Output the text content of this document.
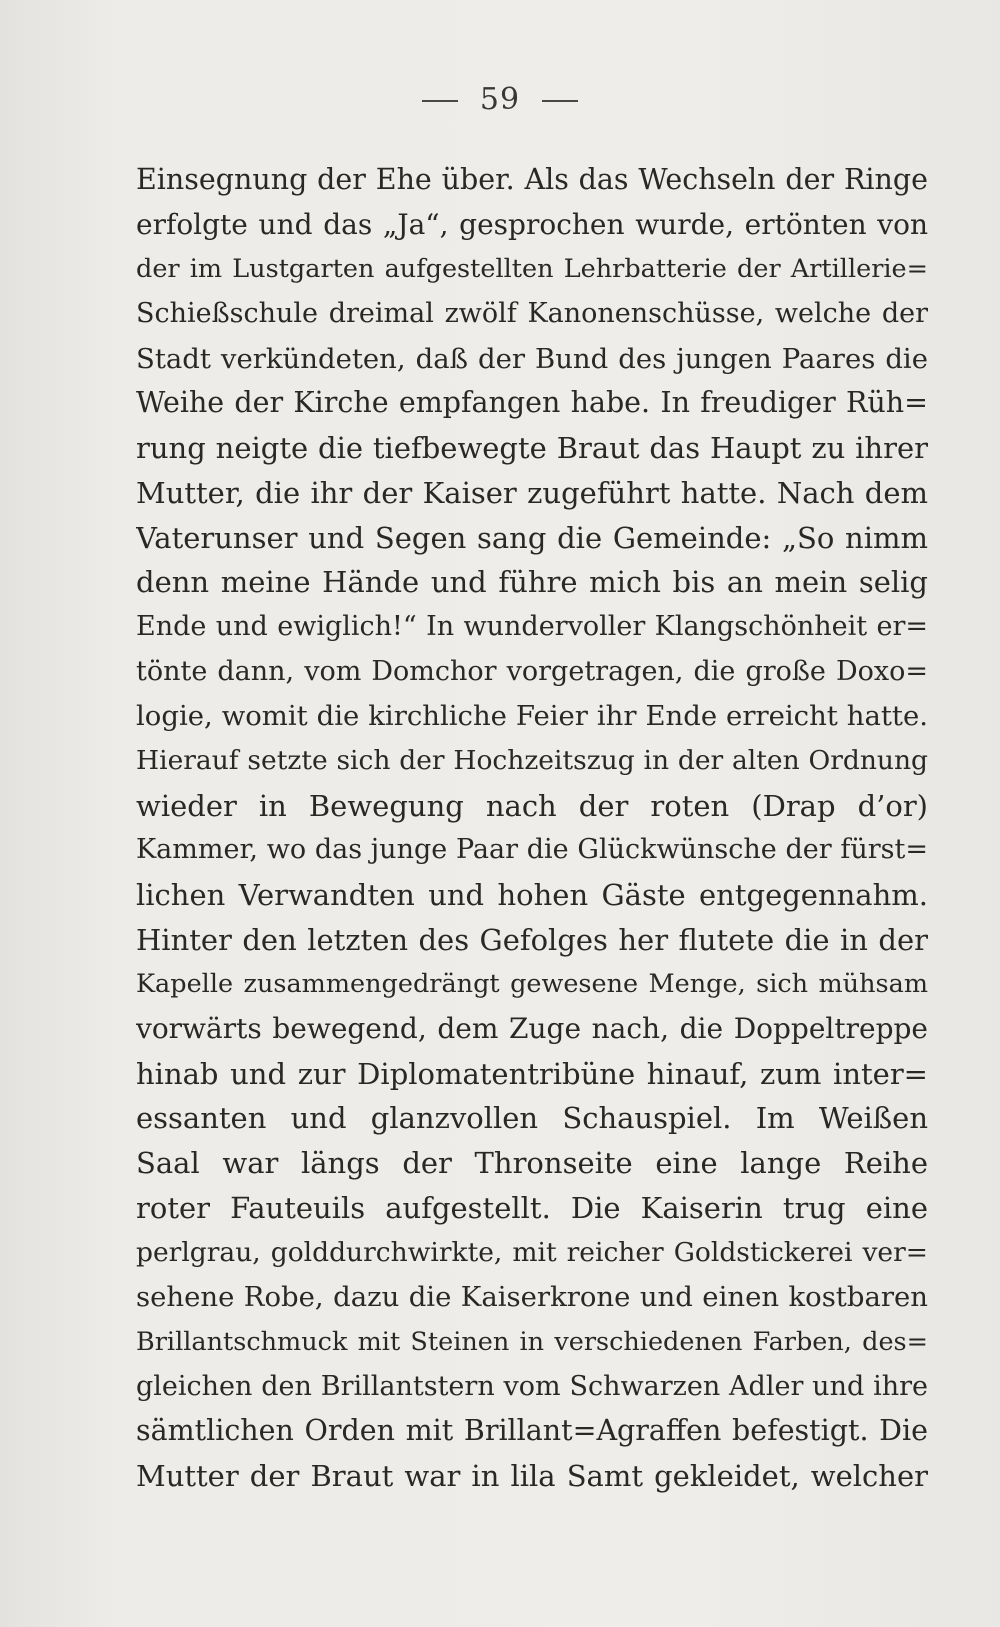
59
Einsegnung der Ehe über. Als das Wechseln der Ringe
erfolgte und das „Ja“, gesprochen wurde, ertönten von
der im Lustgarten aufgestellten Lehrbatterie der Artillerie=
Schießschule dreimal zwölf Kanonenschüsse, welche der
Stadt verkündeten, daß der Bund des jungen Paares die
Weihe der Kirche empfangen habe. In freudiger Rüh=
rung neigte die tiefbewegte Braut das Haupt zu ihrer
Mutter, die ihr der Kaiser zugeführt hatte. Nach dem
Vaterunser und Segen sang die Gemeinde: „So nimm
denn meine Hände und führe mich bis an mein selig
Ende und ewiglich!“ In wundervoller Klangschönheit er=
tönte dann, vom Domchor vorgetragen, die große Doxo=
logie, womit die kirchliche Feier ihr Ende erreicht hatte.
Hierauf setzte sich der Hochzeitszug in der alten Ordnung
wieder in Bewegung nach der roten (Drap d’or)
Kammer, wo das junge Paar die Glückwünsche der fürst=
lichen Verwandten und hohen Gäste entgegennahm.
Hinter den letzten des Gefolges her flutete die in der
Kapelle zusammengedrängt gewesene Menge, sich mühsam
vorwärts bewegend, dem Zuge nach, die Doppeltreppe
hinab und zur Diplomatentribüne hinauf, zum inter=
essanten und glanzvollen Schauspiel. Im Weißen
Saal war längs der Thronseite eine lange Reihe
roter Fauteuils aufgestellt. Die Kaiserin trug eine
perlgrau, golddurchwirkte, mit reicher Goldstickerei ver=
sehene Robe, dazu die Kaiserkrone und einen kostbaren
Brillantschmuck mit Steinen in verschiedenen Farben, des=
gleichen den Brillantstern vom Schwarzen Adler und ihre
sämtlichen Orden mit Brillant=Agraffen befestigt. Die
Mutter der Braut war in lila Samt gekleidet, welcher
